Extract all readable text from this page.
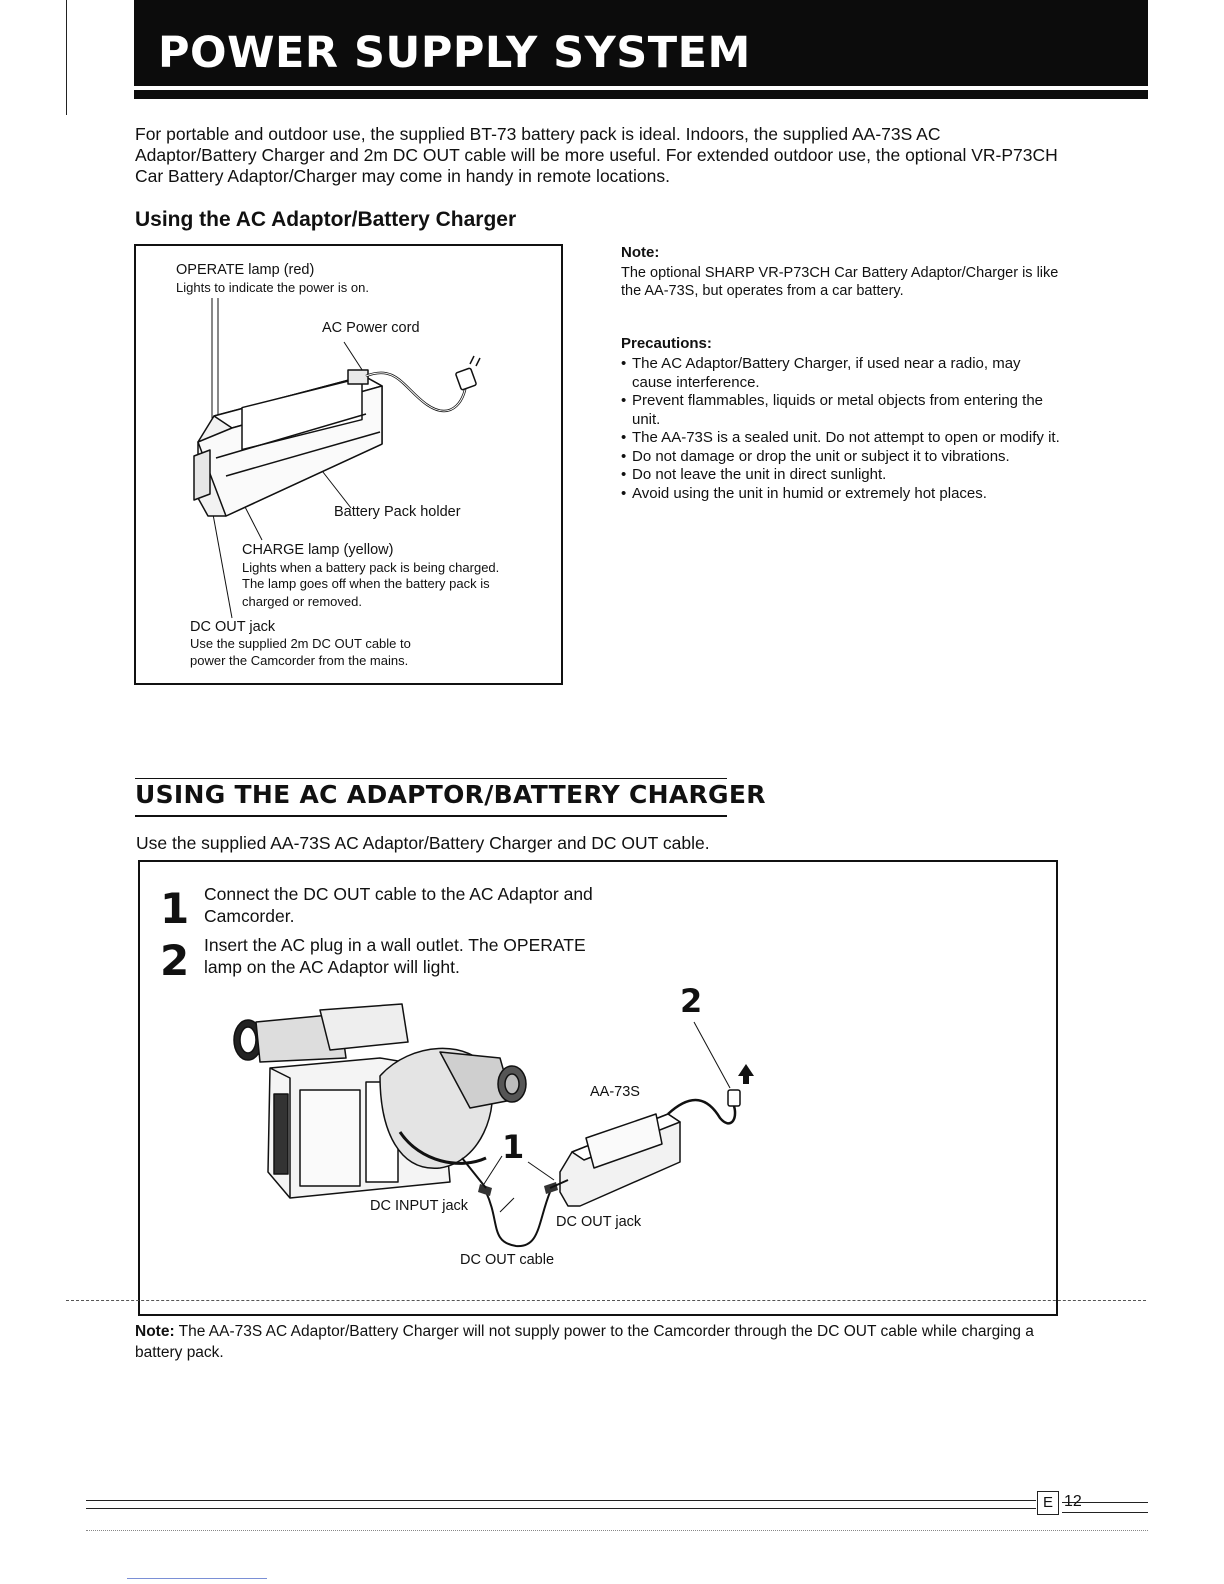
POWER SUPPLY SYSTEM
For portable and outdoor use, the supplied BT-73 battery pack is ideal. Indoors, the supplied AA-73S AC Adaptor/Battery Charger and 2m DC OUT cable will be more useful. For extended outdoor use, the optional VR-P73CH Car Battery Adaptor/Charger may come in handy in remote locations.
Using the AC Adaptor/Battery Charger
OPERATE lamp (red)
Lights to indicate the power is on.
AC Power cord
Battery Pack holder
CHARGE lamp (yellow)
Lights when a battery pack is being charged.
The lamp goes off when the battery pack is
charged or removed.
DC OUT jack
Use the supplied 2m DC OUT cable to
power the Camcorder from the mains.
Note:
The optional SHARP VR-P73CH Car Battery Adaptor/Charger is like the AA-73S, but operates from a car battery.
Precautions:
• The AC Adaptor/Battery Charger, if used near a radio, may cause interference.
• Prevent flammables, liquids or metal objects from entering the unit.
• The AA-73S is a sealed unit. Do not attempt to open or modify it.
• Do not damage or drop the unit or subject it to vibrations.
• Do not leave the unit in direct sunlight.
• Avoid using the unit in humid or extremely hot places.
USING THE AC ADAPTOR/BATTERY CHARGER
Use the supplied AA-73S AC Adaptor/Battery Charger and DC OUT cable.
1 Connect the DC OUT cable to the AC Adaptor and Camcorder.
2 Insert the AC plug in a wall outlet. The OPERATE lamp on the AC Adaptor will light.
2
1
AA-73S
DC INPUT jack
DC OUT jack
DC OUT cable
Note: The AA-73S AC Adaptor/Battery Charger will not supply power to the Camcorder through the DC OUT cable while charging a battery pack.
E 12
